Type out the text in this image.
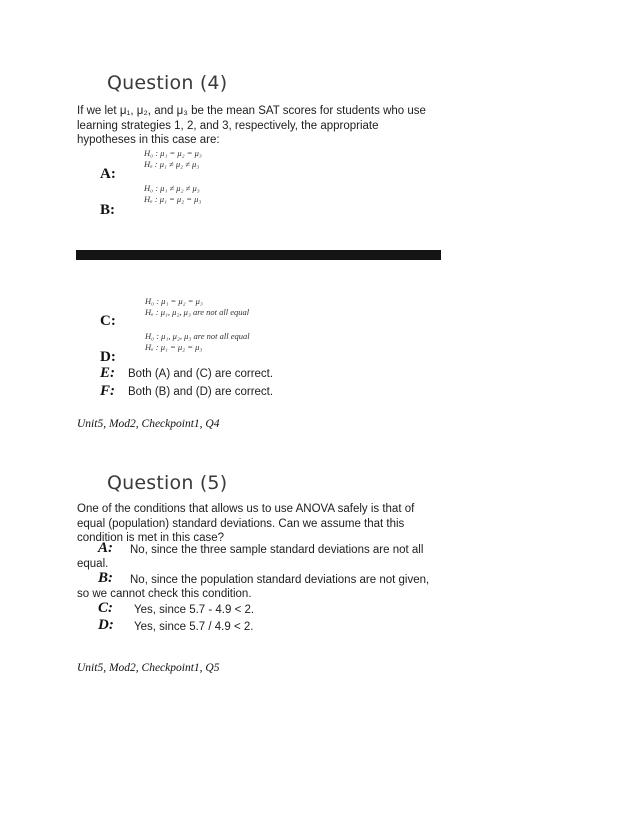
Question (4)
If we let μ₁, μ₂, and μ₃ be the mean SAT scores for students who use
learning strategies 1, 2, and 3, respectively, the appropriate
hypotheses in this case are:
H₀ : μ₁ = μ₂ = μ₃
Hₐ : μ₁ ≠ μ₂ ≠ μ₃
A:
H₀ : μ₁ ≠ μ₂ ≠ μ₃
Hₐ : μ₁ = μ₂ = μ₃
B:
H₀ : μ₁ = μ₂ = μ₃
Hₐ : μ₁, μ₂, μ₃ are not all equal
C:
H₀ : μ₁, μ₂, μ₃ are not all equal
Hₐ : μ₁ = μ₂ = μ₃
D:
E: Both (A) and (C) are correct.
F: Both (B) and (D) are correct.
Unit5, Mod2, Checkpoint1, Q4
Question (5)
One of the conditions that allows us to use ANOVA safely is that of
equal (population) standard deviations. Can we assume that this
condition is met in this case?
A: No, since the three sample standard deviations are not all
equal.
B: No, since the population standard deviations are not given,
so we cannot check this condition.
C: Yes, since 5.7 - 4.9 < 2.
D: Yes, since 5.7 / 4.9 < 2.
Unit5, Mod2, Checkpoint1, Q5
